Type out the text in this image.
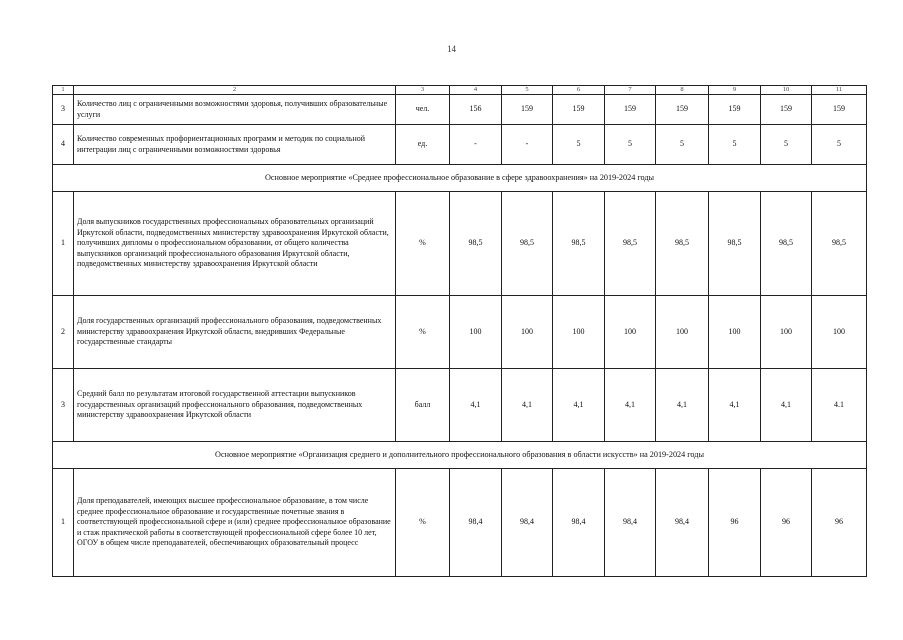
14
1	2	3	4	5	6	7	8	9	10	11
3	Количество лиц с ограниченными возможностями здоровья, получивших образовательные услуги	чел.	156	159	159	159	159	159	159	159
4	Количество современных профориентационных программ и методик по социальной интеграции лиц с ограниченными возможностями здоровья	ед.	-	-	5	5	5	5	5	5
Основное мероприятие «Среднее профессиональное образование в сфере здравоохранения» на 2019-2024 годы										
1	Доля выпускников государственных профессиональных образовательных организаций Иркутской области, подведомственных министерству здравоохранения Иркутской области, получивших дипломы о профессиональном образовании, от общего количества выпускников организаций профессионального образования Иркутской области, подведомственных министерству здравоохранения Иркутской области	%	98,5	98,5	98,5	98,5	98,5	98,5	98,5	98,5
2	Доля государственных организаций профессионального образования, подведомственных министерству здравоохранения Иркутской области, внедривших Федеральные государственные стандарты	%	100	100	100	100	100	100	100	100
3	Средний балл по результатам итоговой государственной аттестации выпускников государственных организаций профессионального образования, подведомственных министерству здравоохранения Иркутской области	балл	4,1	4,1	4,1	4,1	4,1	4,1	4,1	4.1
Основное мероприятие «Организация среднего и дополнительного профессионального образования в области искусств» на 2019-2024 годы										
1	Доля преподавателей, имеющих высшее профессиональное образование, в том числе среднее профессиональное образование и государственные почетные звания в соответствующей профессиональной сфере и (или) среднее профессиональное образование и стаж практической работы в соответствующей профессиональной сфере более 10 лет, ОГОУ в общем числе преподавателей, обеспечивающих образовательный процесс	%	98,4	98,4	98,4	98,4	98,4	96	96	96
